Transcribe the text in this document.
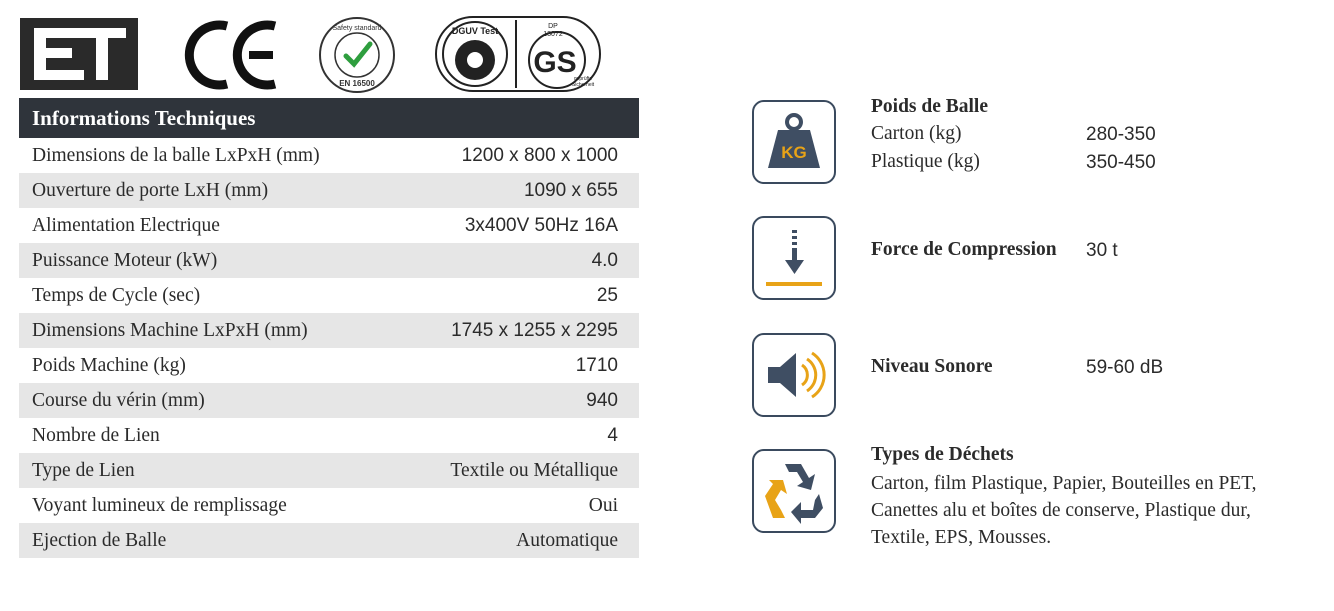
Safety standard
EN 16500
DGUV Test	DP
13072
GS
geprüfte
Sicherheit
Informations Techniques
Dimensions de la balle LxPxH (mm)	1200 x 800 x 1000
Ouverture de porte LxH (mm)	1090 x 655
Alimentation Electrique	3x400V 50Hz 16A
Puissance Moteur (kW)	4.0
Temps de Cycle (sec)	25
Dimensions Machine LxPxH (mm)	1745 x 1255 x 2295
Poids Machine (kg)	1710
Course du vérin (mm)	940
Nombre de Lien	4
Type de Lien	Textile ou Métallique
Voyant lumineux de remplissage	Oui
Ejection de Balle	Automatique
KG
Poids de Balle
Carton (kg)	280-350
Plastique (kg)	350-450
Force de Compression 30 t
Niveau Sonore	59-60 dB
Types de Déchets
Carton, film Plastique, Papier, Bouteilles en PET, Canettes alu et boîtes de conserve, Plastique dur, Textile, EPS, Mousses.
